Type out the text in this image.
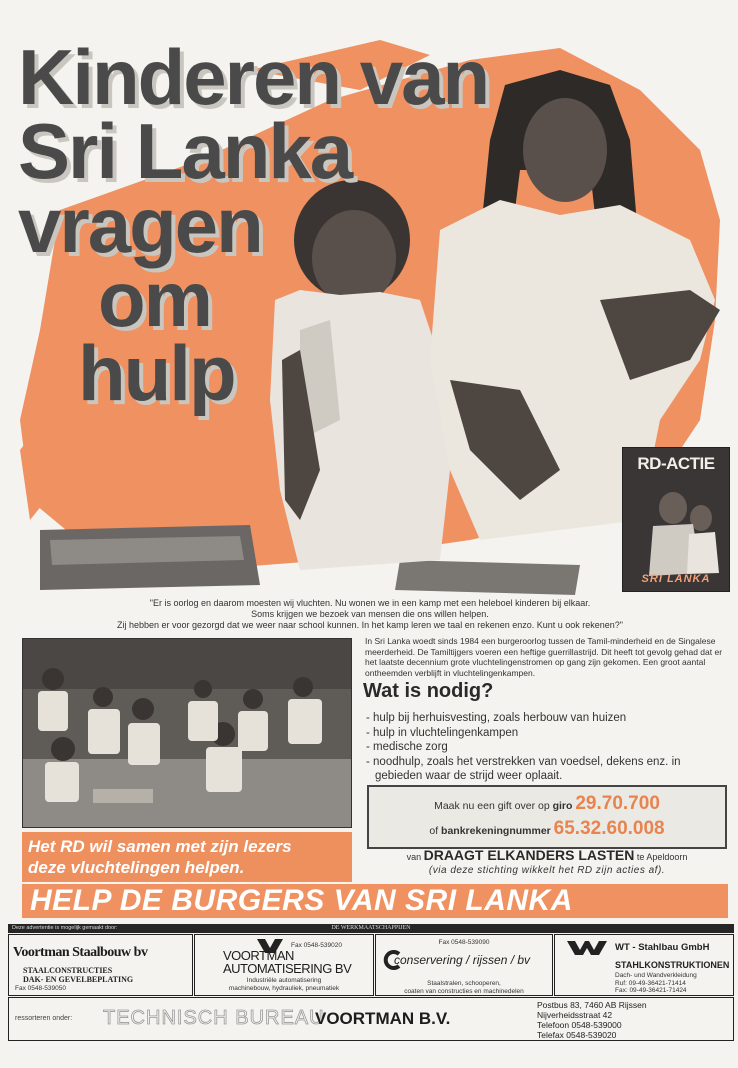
Kinderen van
Sri Lanka
vragen
om
hulp
RD-ACTIE
SRI LANKA
"Er is oorlog en daarom moesten wij vluchten. Nu wonen we in een kamp met een heleboel kinderen bij elkaar.
Soms krijgen we bezoek van mensen die ons willen helpen.
Zij hebben er voor gezorgd dat we weer naar school kunnen. In het kamp leren we taal en rekenen enzo. Kunt u ook rekenen?"
Het RD wil samen met zijn lezers
deze vluchtelingen helpen.

In Sri Lanka woedt sinds 1984 een burgeroorlog tussen de Tamil-minderheid en de Singalese meerderheid. De Tamiltijgers voeren een heftige guerrillastrijd. Dit heeft tot gevolg gehad dat er het laatste decennium grote vluchtelingenstromen op gang zijn gekomen. Een groot aantal ontheemden verblijft in vluchtelingenkampen.

Wat is nodig?
- hulp bij herhuisvesting, zoals herbouw van huizen
- hulp in vluchtelingenkampen
- medische zorg
- noodhulp, zoals het verstrekken van voedsel, dekens enz. in gebieden waar de strijd weer oplaait.
Maak nu een gift over op giro 29.70.700
of bankrekeningnummer 65.32.60.008
van DRAAGT ELKANDERS LASTEN te Apeldoorn
(via deze stichting wikkelt het RD zijn acties af).
HELP DE BURGERS VAN SRI LANKA
Deze advertentie is mogelijk gemaakt door:	DE WERKMAATSCHAPPIJEN
Voortman Staalbouw bv
STAALCONSTRUCTIES
DAK- EN GEVELBEPLATING
Fax 0548-539050
Fax 0548-539020
VOORTMAN
AUTOMATISERING BV
Industriële automatisering
machinebouw, hydrauliek, pneumatiek
Fax 0548-539090
conservering / rijssen / bv
Staalstralen, schooperen,
coaten van constructies en machinedelen
WT - Stahlbau GmbH
STAHLKONSTRUKTIONEN
Dach- und Wandverkleidung
Ruf: 09-49-36421-71414
Fax: 09-49-36421-71424
ressorteren onder: TECHNISCH BUREAU
VOORTMAN B.V.
Postbus 83, 7460 AB Rijssen
Nijverheidsstraat 42
Telefoon 0548-539000
Telefax 0548-539020
